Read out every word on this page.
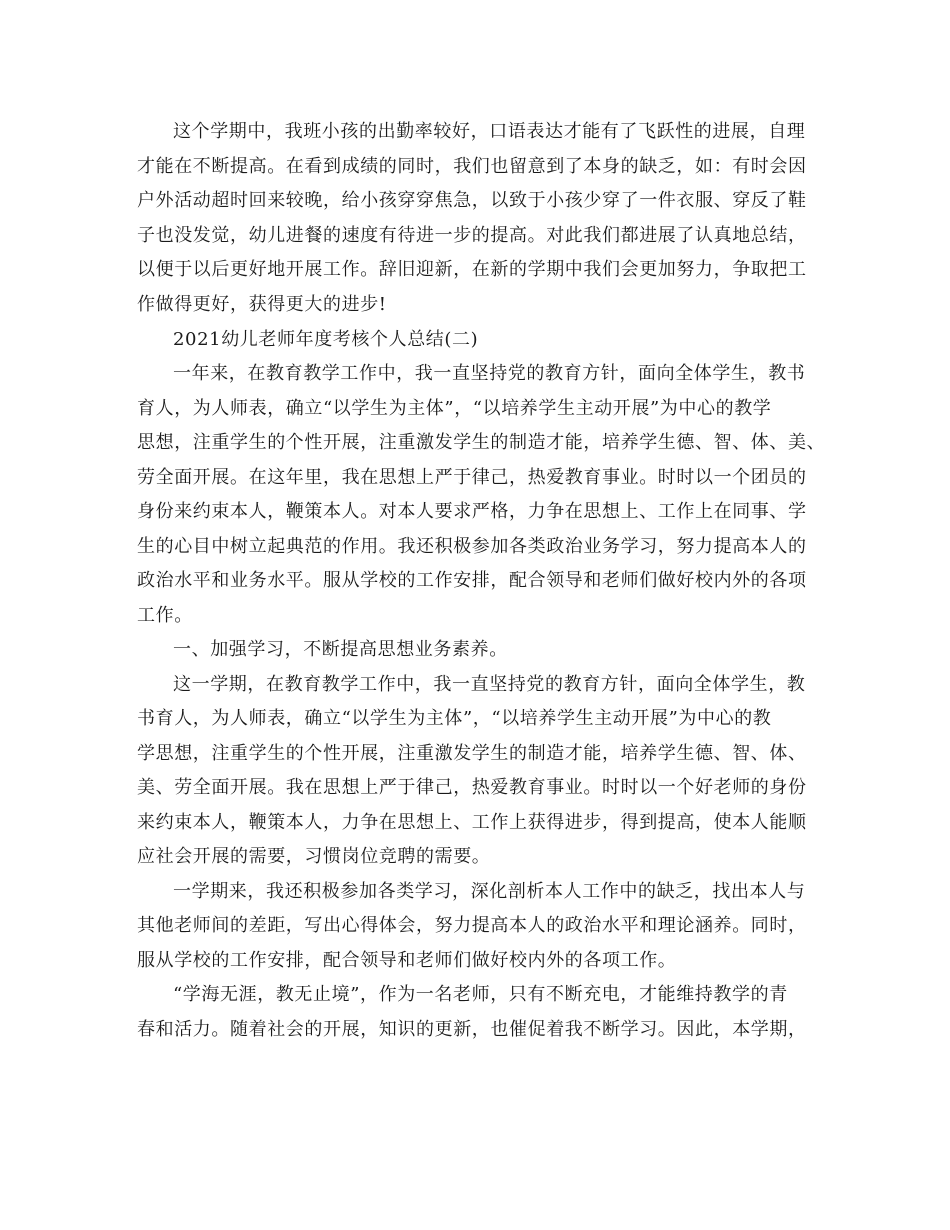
这个学期中，我班小孩的出勤率较好，口语表达才能有了飞跃性的进展，自理
才能在不断提高。在看到成绩的同时，我们也留意到了本身的缺乏，如：有时会因
户外活动超时回来较晚，给小孩穿穿焦急，以致于小孩少穿了一件衣服、穿反了鞋
子也没发觉，幼儿进餐的速度有待进一步的提高。对此我们都进展了认真地总结，
以便于以后更好地开展工作。辞旧迎新，在新的学期中我们会更加努力，争取把工
作做得更好，获得更大的进步!
2021幼儿老师年度考核个人总结(二)
一年来，在教育教学工作中，我一直坚持党的教育方针，面向全体学生，教书
育人，为人师表，确立“以学生为主体”，“以培养学生主动开展”为中心的教学
思想，注重学生的个性开展，注重激发学生的制造才能，培养学生德、智、体、美、
劳全面开展。在这年里，我在思想上严于律己，热爱教育事业。时时以一个团员的
身份来约束本人，鞭策本人。对本人要求严格，力争在思想上、工作上在同事、学
生的心目中树立起典范的作用。我还积极参加各类政治业务学习，努力提高本人的
政治水平和业务水平。服从学校的工作安排，配合领导和老师们做好校内外的各项
工作。
一、加强学习，不断提高思想业务素养。
这一学期，在教育教学工作中，我一直坚持党的教育方针，面向全体学生，教
书育人，为人师表，确立“以学生为主体”，“以培养学生主动开展”为中心的教
学思想，注重学生的个性开展，注重激发学生的制造才能，培养学生德、智、体、
美、劳全面开展。我在思想上严于律己，热爱教育事业。时时以一个好老师的身份
来约束本人，鞭策本人，力争在思想上、工作上获得进步，得到提高，使本人能顺
应社会开展的需要，习惯岗位竞聘的需要。
一学期来，我还积极参加各类学习，深化剖析本人工作中的缺乏，找出本人与
其他老师间的差距，写出心得体会，努力提高本人的政治水平和理论涵养。同时，
服从学校的工作安排，配合领导和老师们做好校内外的各项工作。
“学海无涯，教无止境”，作为一名老师，只有不断充电，才能维持教学的青
春和活力。随着社会的开展，知识的更新，也催促着我不断学习。因此，本学期，
